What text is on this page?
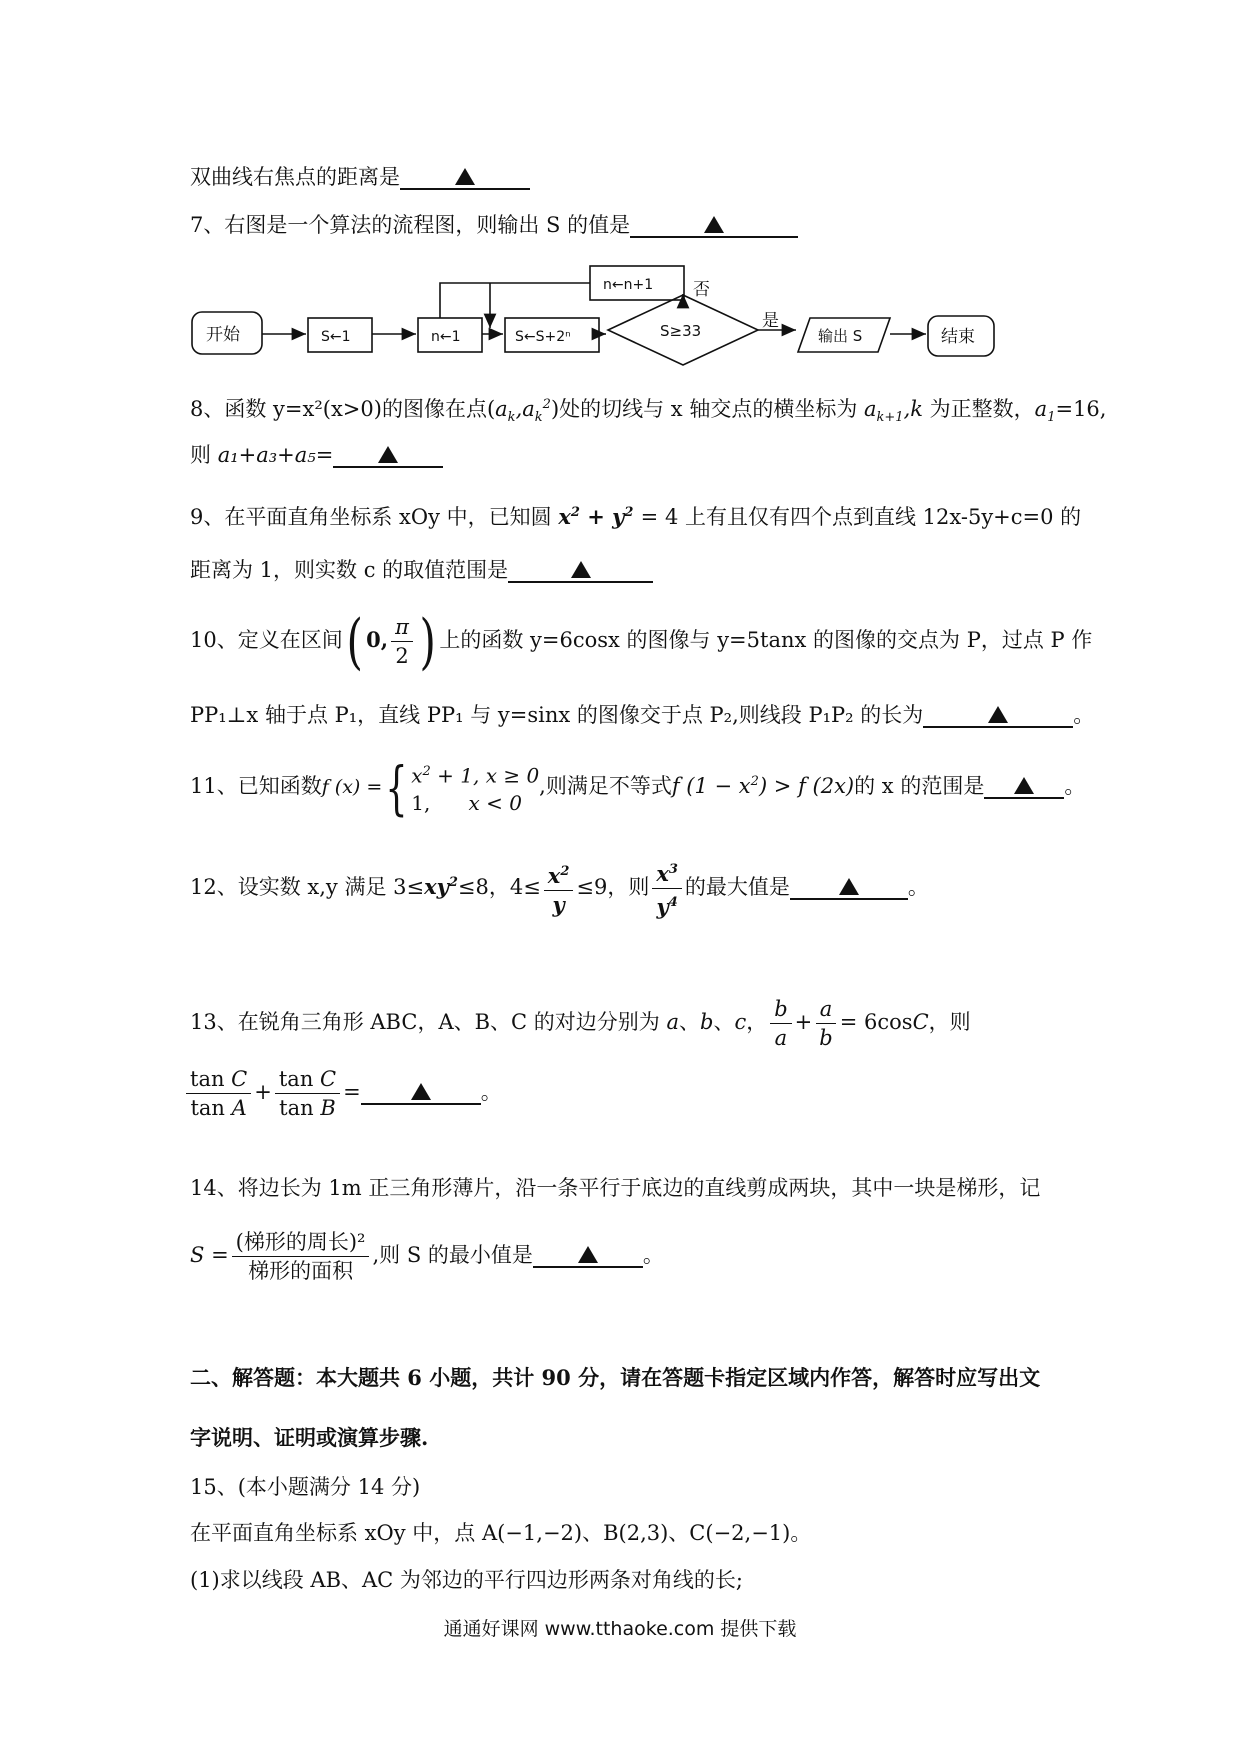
双曲线右焦点的距离是
7、右图是一个算法的流程图，则输出 S 的值是
开始	S←1	n←1	S←S+2ⁿ	S≥33
n←n+1 否
是
输出 S	结束
8、函数 y=x²(x>0)的图像在点$(a_k,a_k^2)$处的切线与 x 轴交点的横坐标为 $a_{k+1},k$ 为正整数，$a_1=16$,
则 a₁+a₃+a₅=
9、在平面直角坐标系 xOy 中，已知圆 $x^2 + y^2 = 4$ 上有且仅有四个点到直线 12x-5y+c=0 的
距离为 1，则实数 c 的取值范围是
10、定义在区间( 0, $\frac{\pi}{2}$ ) 上的函数 y=6cosx 的图像与 y=5tanx 的图像的交点为 P，过点 P 作
PP₁⊥x 轴于点 P₁，直线 PP₁ 与 y=sinx 的图像交于点 P₂,则线段 P₁P₂ 的长为	。
11、已知函数f (x) ={ $x^2 + 1$, x ≥ 0
1,      x < 0
,则满足不等式f $(1 - x^2) > f$ (2x)的 x 的范围是	。
12、设实数 x,y 满足 $3\le xy^2\le 8$，$4\le \frac{x^2}{y} \le 9$，则 $\frac{x^3}{y^4}$ 的最大值是	。
13、在锐角三角形 ABC，A、B、C 的对边分别为 a、b、c， $\frac{b}{a} + \frac{a}{b} = 6\cos C$，则
$\frac{\text{tan C}}{\text{tan A}} + \frac{\text{tan C}}{\text{tan B}}$ =	。
14、将边长为 1m 正三角形薄片，沿一条平行于底边的直线剪成两块，其中一块是梯形，记
$S = \frac{\text{(梯形的周长)²}}{\text{梯形的面积}}$ ,则 S 的最小值是	。
二、解答题：本大题共 6 小题，共计 90 分，请在答题卡指定区域内作答，解答时应写出文
字说明、证明或演算步骤.
15、(本小题满分 14 分)
在平面直角坐标系 xOy 中，点 A(−1,−2)、B(2,3)、C(−2,−1)。
(1)求以线段 AB、AC 为邻边的平行四边形两条对角线的长;
通通好课网 www.tthaoke.com 提供下载
